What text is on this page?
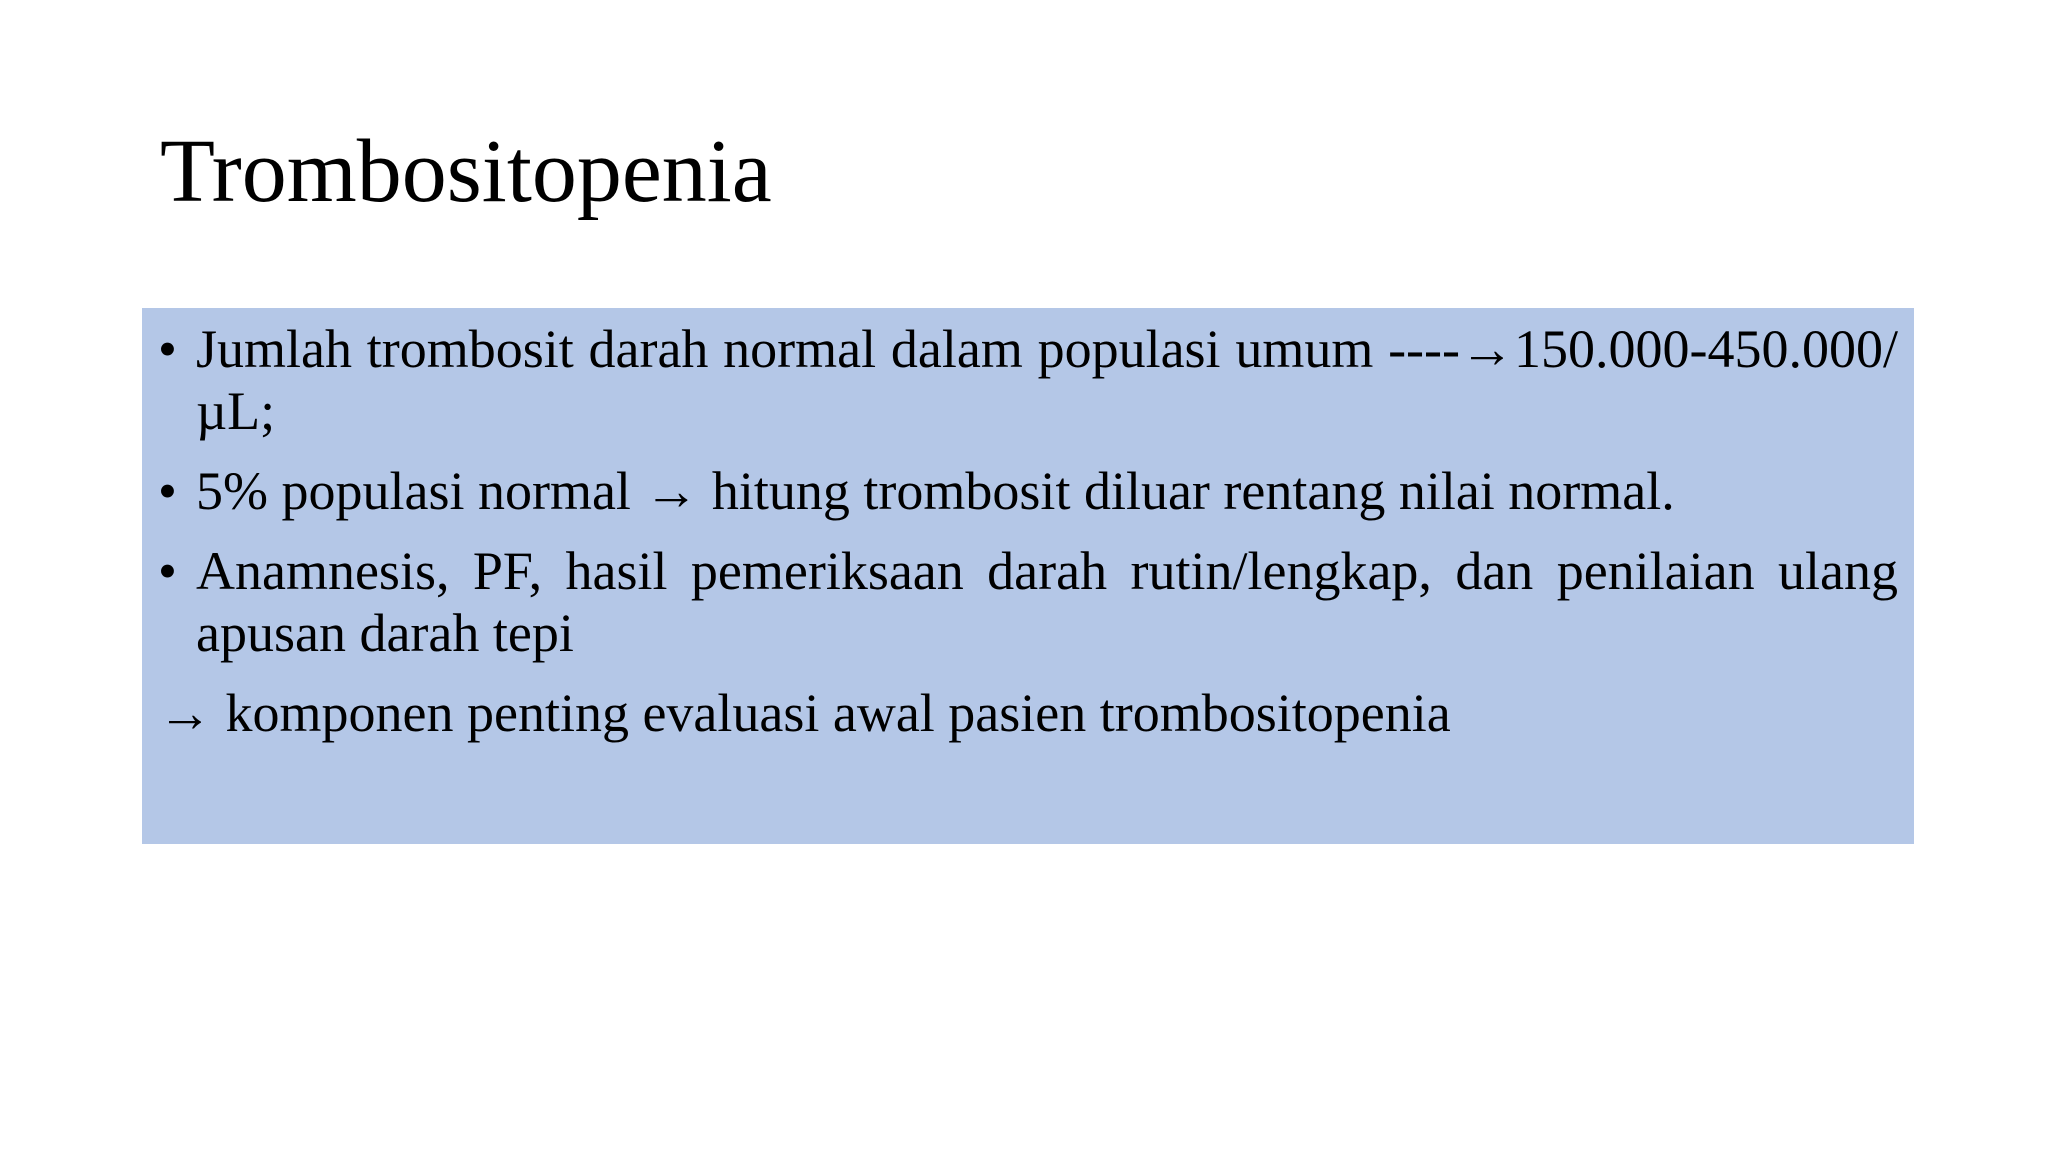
Trombositopenia
• Jumlah trombosit darah normal dalam populasi umum ----→150.000-450.000/µL;
• 5% populasi normal → hitung trombosit diluar rentang nilai normal.
• Anamnesis, PF, hasil pemeriksaan darah rutin/lengkap, dan penilaian ulang apusan darah tepi
→ komponen penting evaluasi awal pasien trombositopenia
